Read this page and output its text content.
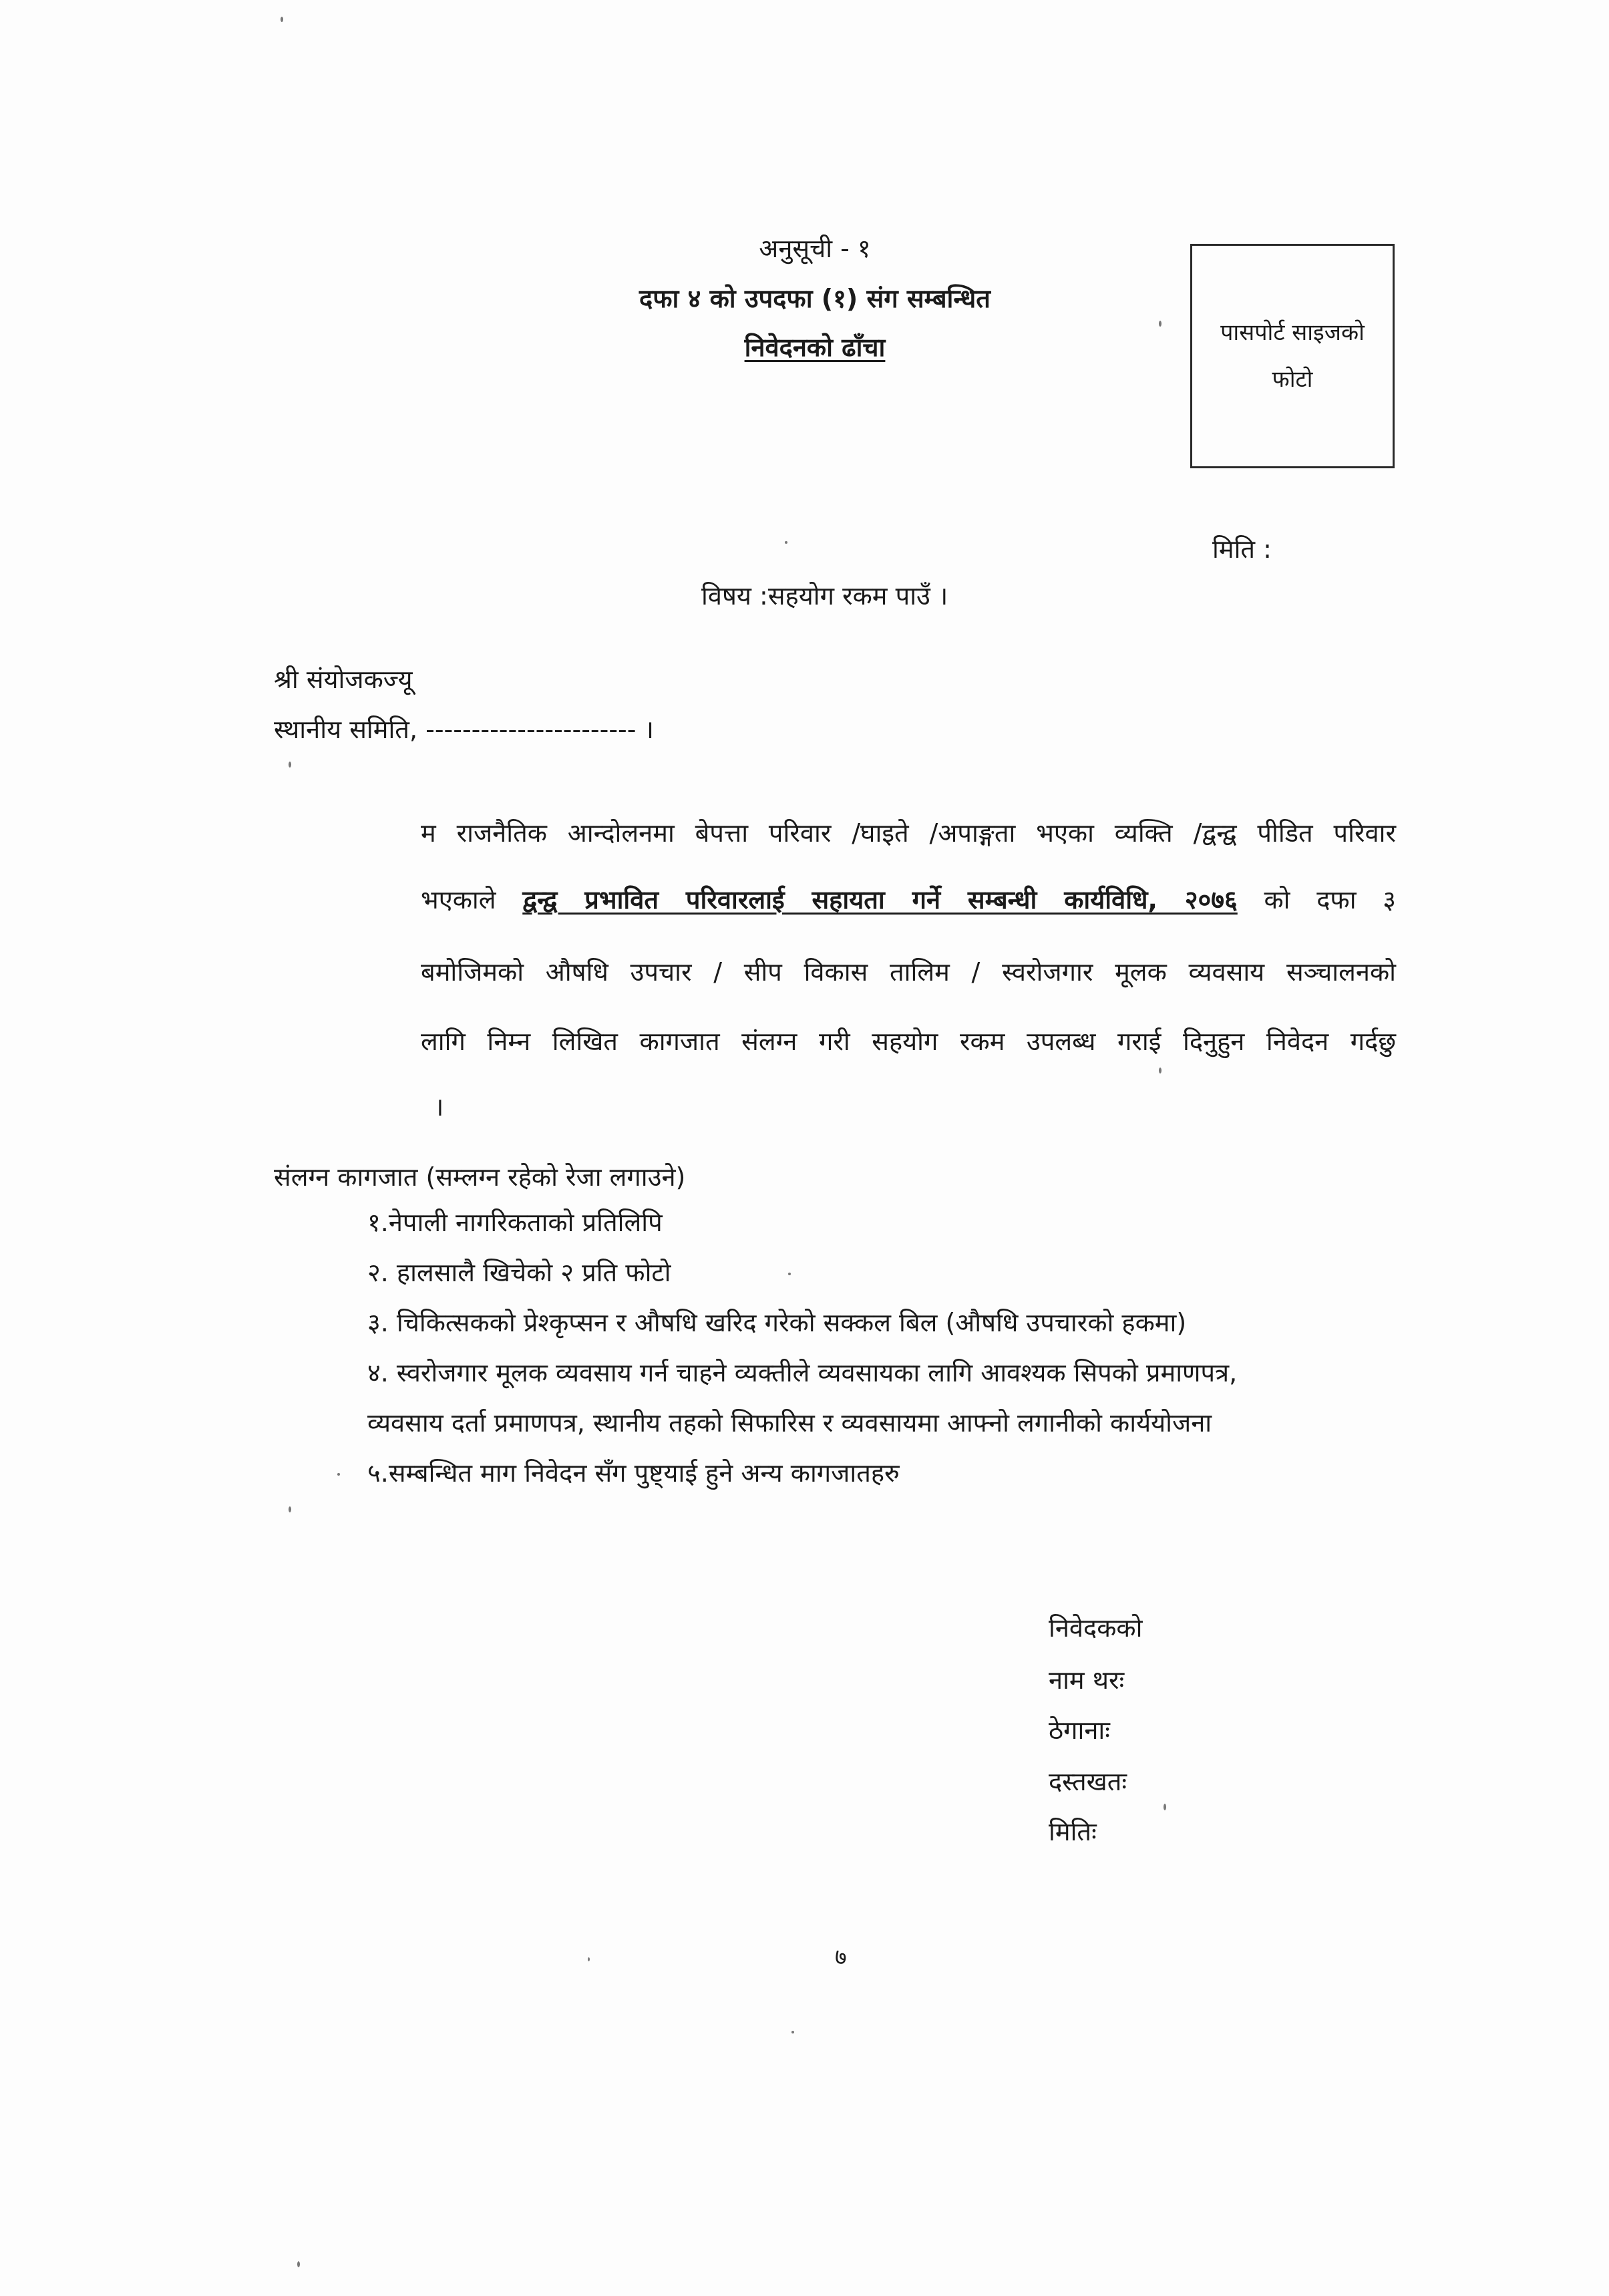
अनुसूची - १
दफा ४ को उपदफा (१) संग सम्बन्धित
निवेदनको ढाँचा	पासपोर्ट साइजको
फोटो
मिति :
विषय :सहयोग रकम पाउँ ।
श्री संयोजकज्यू
स्थानीय समिति, ----------------------- ।
म राजनैतिक आन्दोलनमा बेपत्ता परिवार /घाइते /अपाङ्गता भएका व्यक्ति /द्वन्द्व पीडित परिवार
भएकाले द्वन्द्व प्रभावित परिवारलाई सहायता गर्ने सम्बन्धी कार्यविधि, २०७६ को दफा ३
बमोजिमको औषधि उपचार / सीप विकास तालिम / स्वरोजगार मूलक व्यवसाय सञ्चालनको
लागि निम्न लिखित कागजात संलग्न गरी सहयोग रकम उपलब्ध गराई दिनुहुन निवेदन गर्दछु
।
संलग्न कागजात (सम्लग्न रहेको रेजा लगाउने)
१.नेपाली नागरिकताको प्रतिलिपि
२. हालसालै खिचेको २ प्रति फोटो
३. चिकित्सकको प्रेश्कृप्सन र औषधि खरिद गरेको सक्कल बिल (औषधि उपचारको हकमा)
४. स्वरोजगार मूलक व्यवसाय गर्न चाहने व्यक्तीले व्यवसायका लागि आवश्यक सिपको प्रमाणपत्र,
व्यवसाय दर्ता प्रमाणपत्र, स्थानीय तहको सिफारिस र व्यवसायमा आफ्नो लगानीको कार्ययोजना
५.सम्बन्धित माग निवेदन सँग पुष्ट्याई हुने अन्य कागजातहरु
निवेदकको
नाम थरः
ठेगानाः
दस्तखतः
मितिः
७
